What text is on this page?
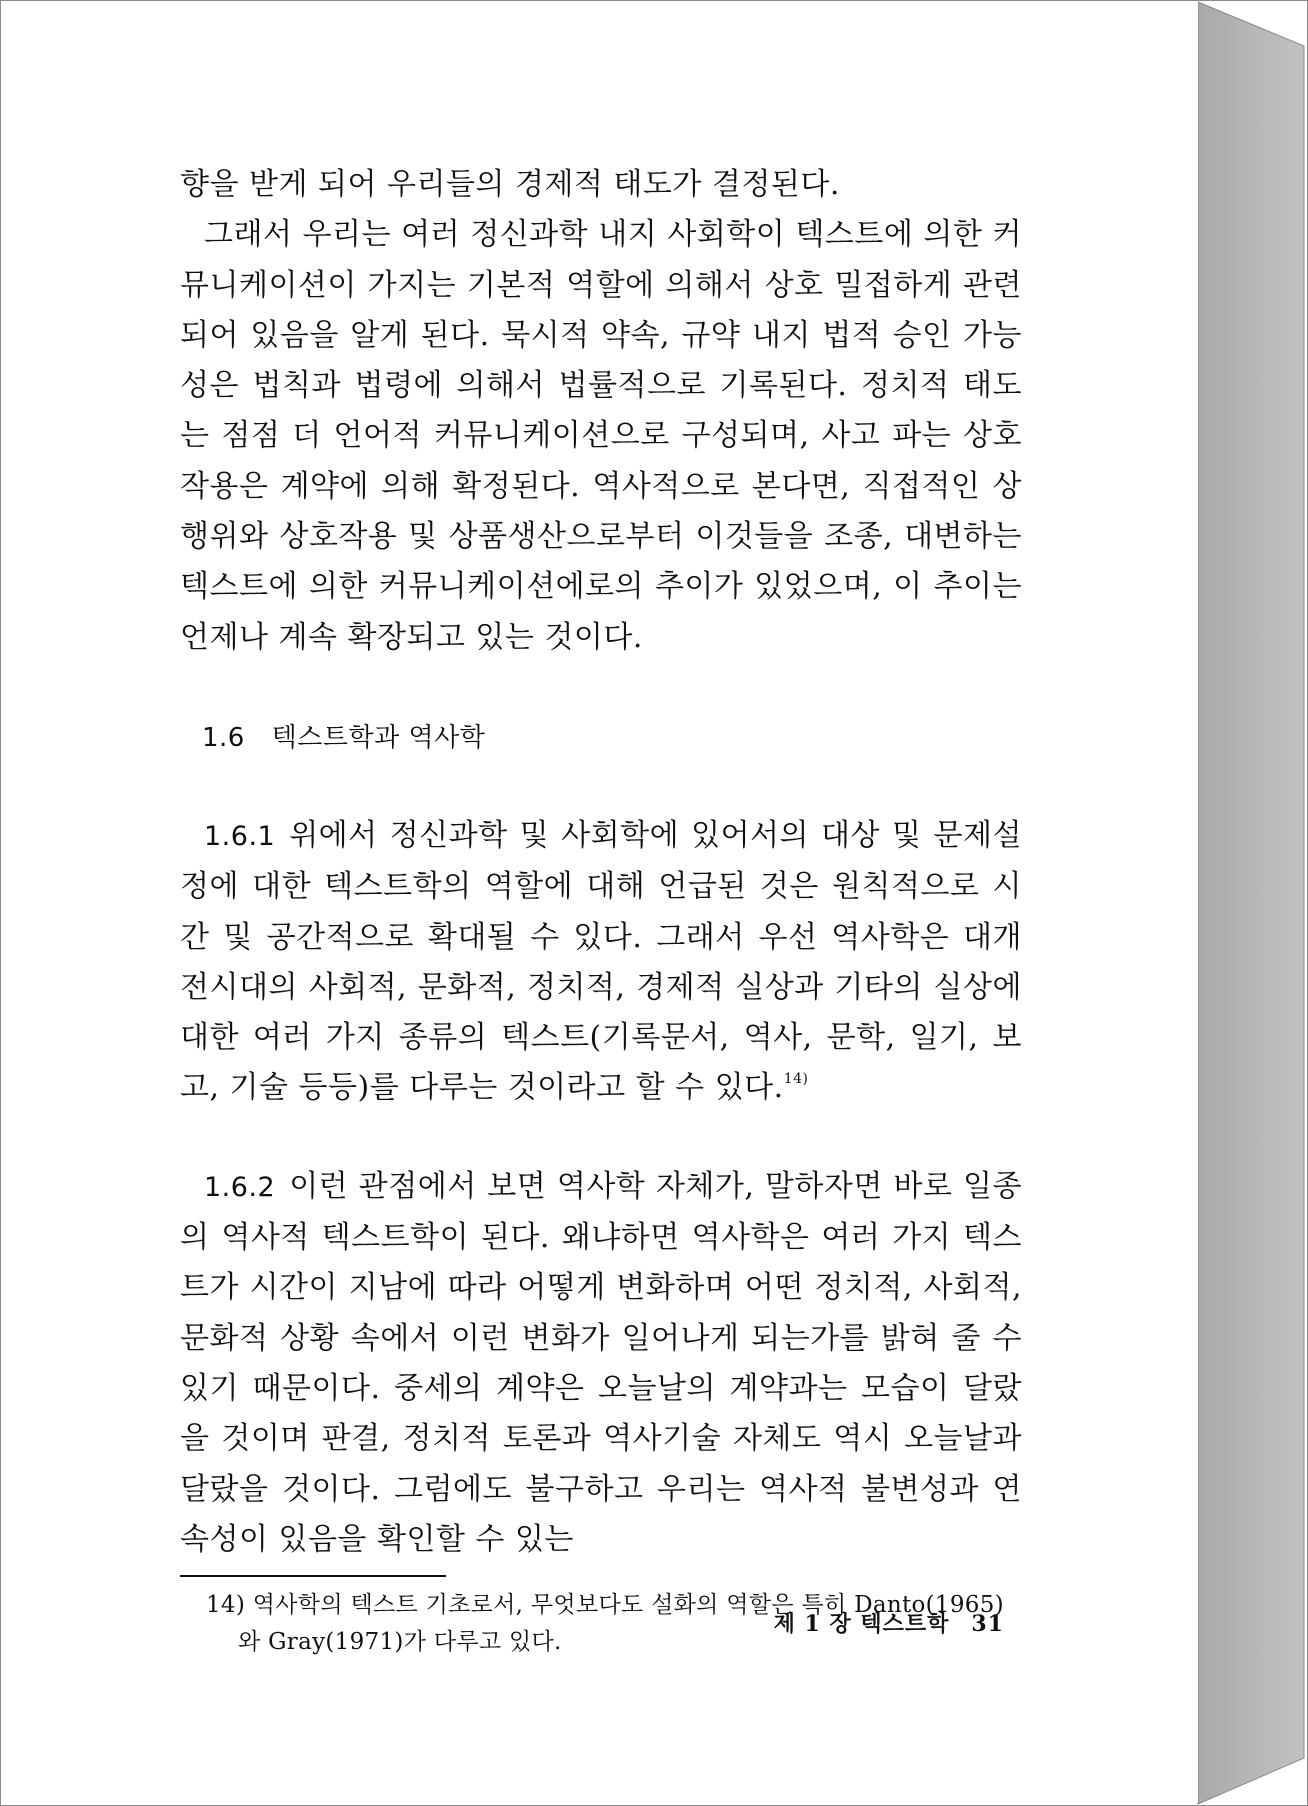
향을 받게 되어 우리들의 경제적 태도가 결정된다.

그래서 우리는 여러 정신과학 내지 사회학이 텍스트에 의한 커뮤니케이션이 가지는 기본적 역할에 의해서 상호 밀접하게 관련되어 있음을 알게 된다. 묵시적 약속, 규약 내지 법적 승인 가능성은 법칙과 법령에 의해서 법률적으로 기록된다. 정치적 태도는 점점 더 언어적 커뮤니케이션으로 구성되며, 사고 파는 상호작용은 계약에 의해 확정된다. 역사적으로 본다면, 직접적인 상행위와 상호작용 및 상품생산으로부터 이것들을 조종, 대변하는 텍스트에 의한 커뮤니케이션에로의 추이가 있었으며, 이 추이는 언제나 계속 확장되고 있는 것이다.

1.6 텍스트학과 역사학

1.6.1 위에서 정신과학 및 사회학에 있어서의 대상 및 문제설정에 대한 텍스트학의 역할에 대해 언급된 것은 원칙적으로 시간 및 공간적으로 확대될 수 있다. 그래서 우선 역사학은 대개 전시대의 사회적, 문화적, 정치적, 경제적 실상과 기타의 실상에 대한 여러 가지 종류의 텍스트(기록문서, 역사, 문학, 일기, 보고, 기술 등등)를 다루는 것이라고 할 수 있다.$^{14)}$

1.6.2 이런 관점에서 보면 역사학 자체가, 말하자면 바로 일종의 역사적 텍스트학이 된다. 왜냐하면 역사학은 여러 가지 텍스트가 시간이 지남에 따라 어떻게 변화하며 어떤 정치적, 사회적, 문화적 상황 속에서 이런 변화가 일어나게 되는가를 밝혀 줄 수 있기 때문이다. 중세의 계약은 오늘날의 계약과는 모습이 달랐을 것이며 판결, 정치적 토론과 역사기술 자체도 역시 오늘날과 달랐을 것이다. 그럼에도 불구하고 우리는 역사적 불변성과 연속성이 있음을 확인할 수 있는

14) 역사학의 텍스트 기초로서, 무엇보다도 설화의 역할은 특히 Danto(1965)
와 Gray(1971)가 다루고 있다.
제 1 장 텍스트학 31
